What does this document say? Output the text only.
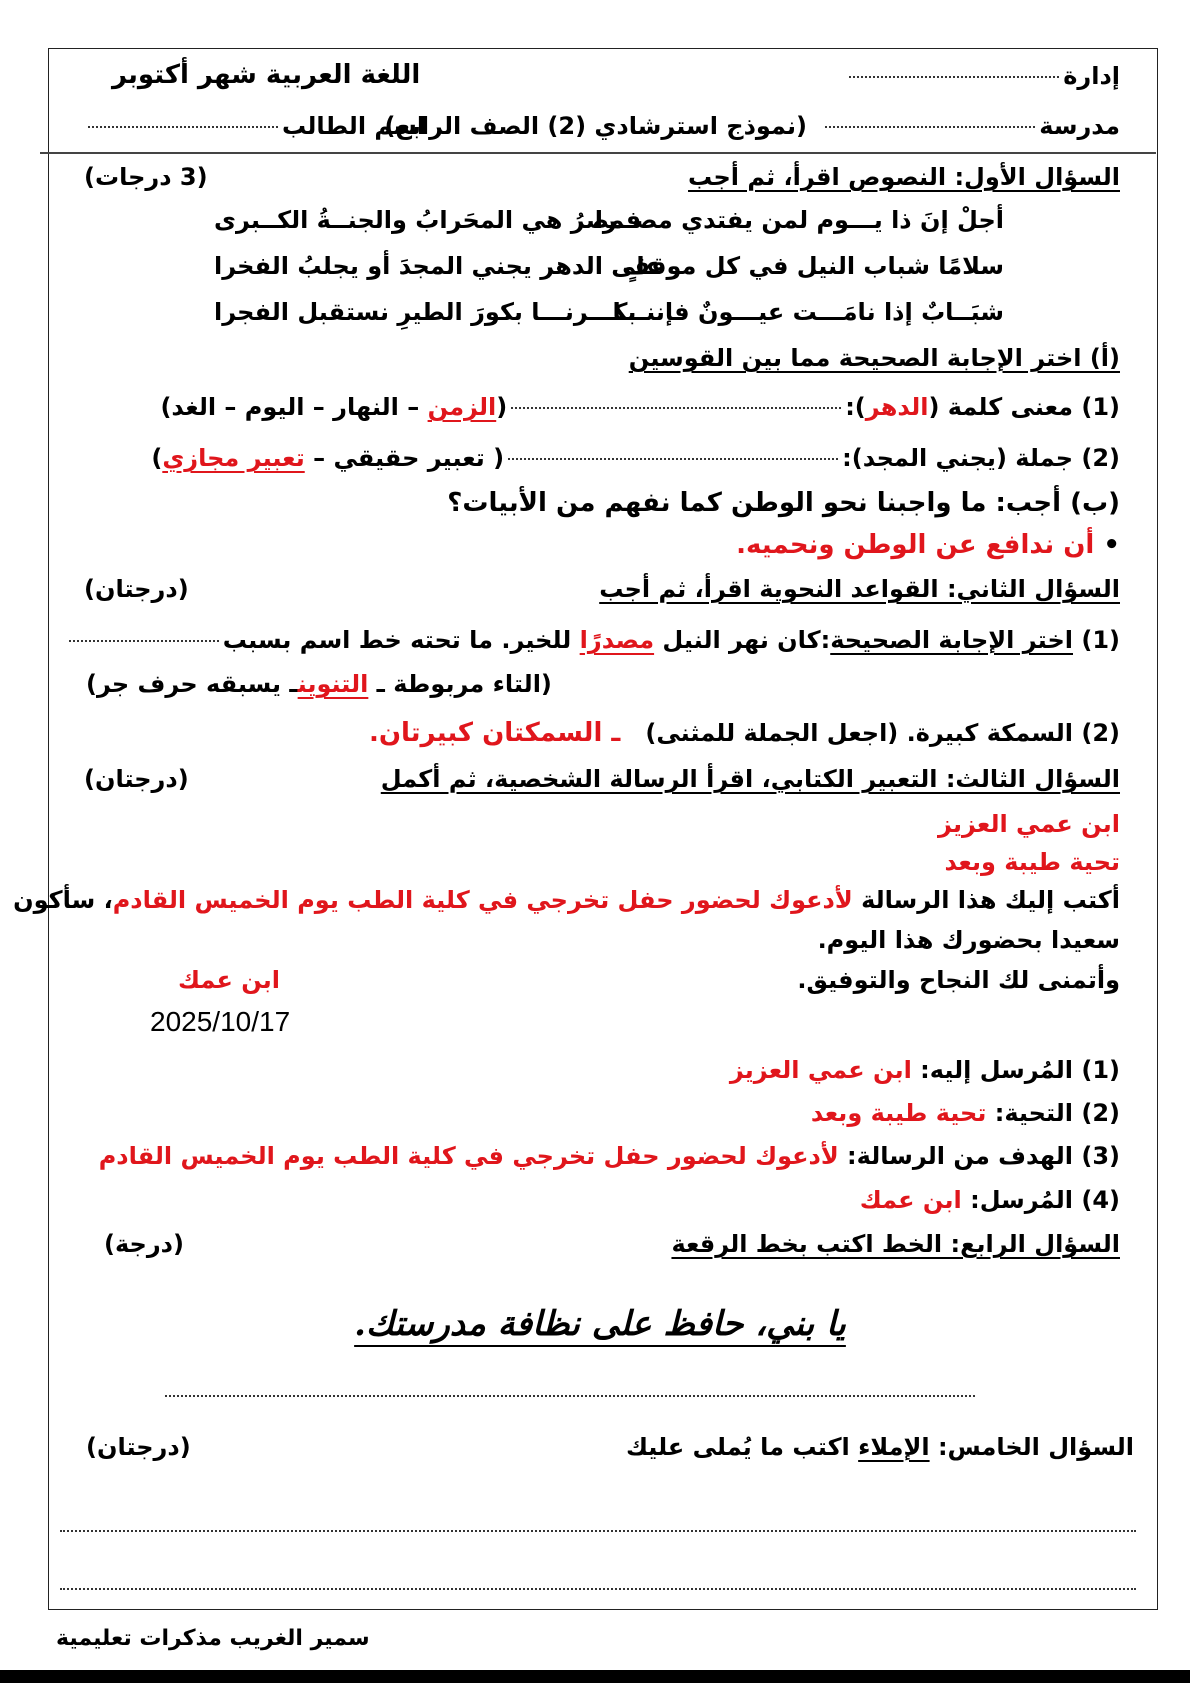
إدارة
اللغة العربية شهر أكتوبر
مدرسة
(نموذج استرشادي (2) الصف الرابع)
اسم الطالب
السؤال الأول: النصوص اقرأ، ثم أجب
(3 درجات)
أجلْ إنَ ذا يـــوم لمن يفتدي مصــرا
فمصرُ هي المحَرابُ والجنــةُ الكــبرى
سلامًا شباب النيل في كل موقفٍ
على الدهر يجني المجدَ أو يجلبُ الفخرا
شبَــابٌ إذا نامَـــت عيـــونٌ فإننـــا
بكـــرنـــا بكورَ الطيرِ نستقبل الفجرا
(أ) اختر الإجابة الصحيحة مما بين القوسين
(1) معنى كلمة (الدهر):(الزمن – النهار – اليوم – الغد)
(2) جملة (يجني المجد):( تعبير حقيقي – تعبير مجازي)
(ب) أجب: ما واجبنا نحو الوطن كما نفهم من الأبيات؟
• أن ندافع عن الوطن ونحميه.
السؤال الثاني: القواعد النحوية اقرأ، ثم أجب
(درجتان)
(1) اختر الإجابة الصحيحة:كان نهر النيل مصدرًا للخير. ما تحته خط اسم بسبب
(التاء مربوطة ـ التنوينـ يسبقه حرف جر)
(2) السمكة كبيرة. (اجعل الجملة للمثنى)   ـ السمكتان كبيرتان.
السؤال الثالث: التعبير الكتابي، اقرأ الرسالة الشخصية، ثم أكمل
(درجتان)
ابن عمي العزيز
تحية طيبة وبعد
أكتب إليك هذا الرسالة لأدعوك لحضور حفل تخرجي في كلية الطب يوم الخميس القادم، سأكون
سعيدا بحضورك هذا اليوم.
وأتمنى لك النجاح والتوفيق.
ابن عمك
2025/10/17
(1) المُرسل إليه: ابن عمي العزيز
(2) التحية: تحية طيبة وبعد
(3) الهدف من الرسالة: لأدعوك لحضور حفل تخرجي في كلية الطب يوم الخميس القادم
(4) المُرسل: ابن عمك
السؤال الرابع: الخط اكتب بخط الرقعة
(درجة)
يا بني، حافظ على نظافة مدرستك.
السؤال الخامس: الإملاء اكتب ما يُملى عليك
(درجتان)
سمير الغريب مذكرات تعليمية
